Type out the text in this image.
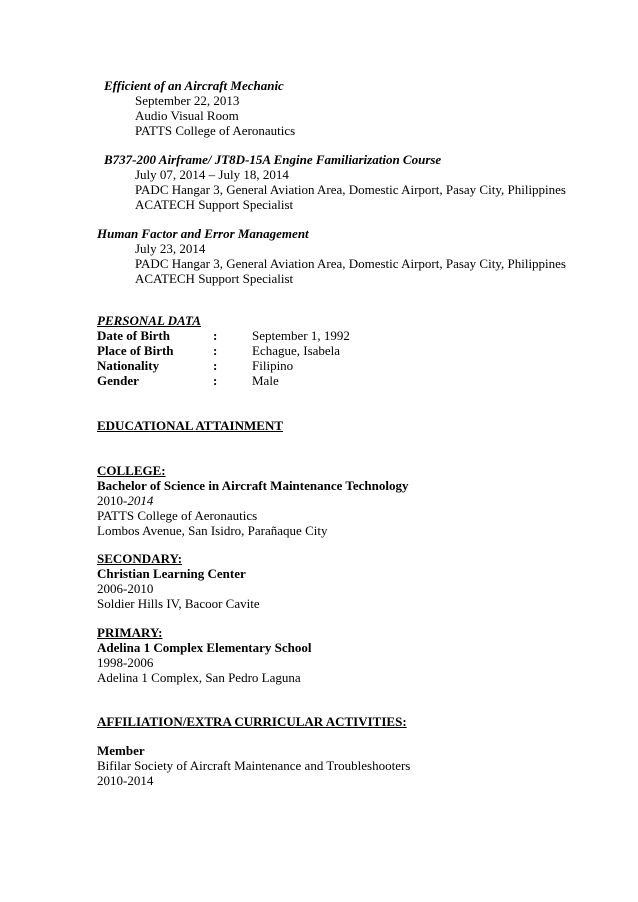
Efficient of an Aircraft Mechanic
September 22, 2013
Audio Visual Room
PATTS College of Aeronautics
B737-200 Airframe/ JT8D-15A Engine Familiarization Course
July 07, 2014 – July 18, 2014
PADC Hangar 3, General Aviation Area, Domestic Airport, Pasay City, Philippines
ACATECH Support Specialist
Human Factor and Error Management
July 23, 2014
PADC Hangar 3, General Aviation Area, Domestic Airport, Pasay City, Philippines
ACATECH Support Specialist
PERSONAL DATA
Date of Birth	:	September 1, 1992
Place of Birth	:	Echague, Isabela
Nationality	:	Filipino
Gender	:	Male
EDUCATIONAL ATTAINMENT
COLLEGE:
Bachelor of Science in Aircraft Maintenance Technology
2010-2014
PATTS College of Aeronautics
Lombos Avenue, San Isidro, Parañaque City
SECONDARY:
Christian Learning Center
2006-2010
Soldier Hills IV, Bacoor Cavite
PRIMARY:
Adelina 1 Complex Elementary School
1998-2006
Adelina 1 Complex, San Pedro Laguna
AFFILIATION/EXTRA CURRICULAR ACTIVITIES:
Member
Bifilar Society of Aircraft Maintenance and Troubleshooters
2010-2014
